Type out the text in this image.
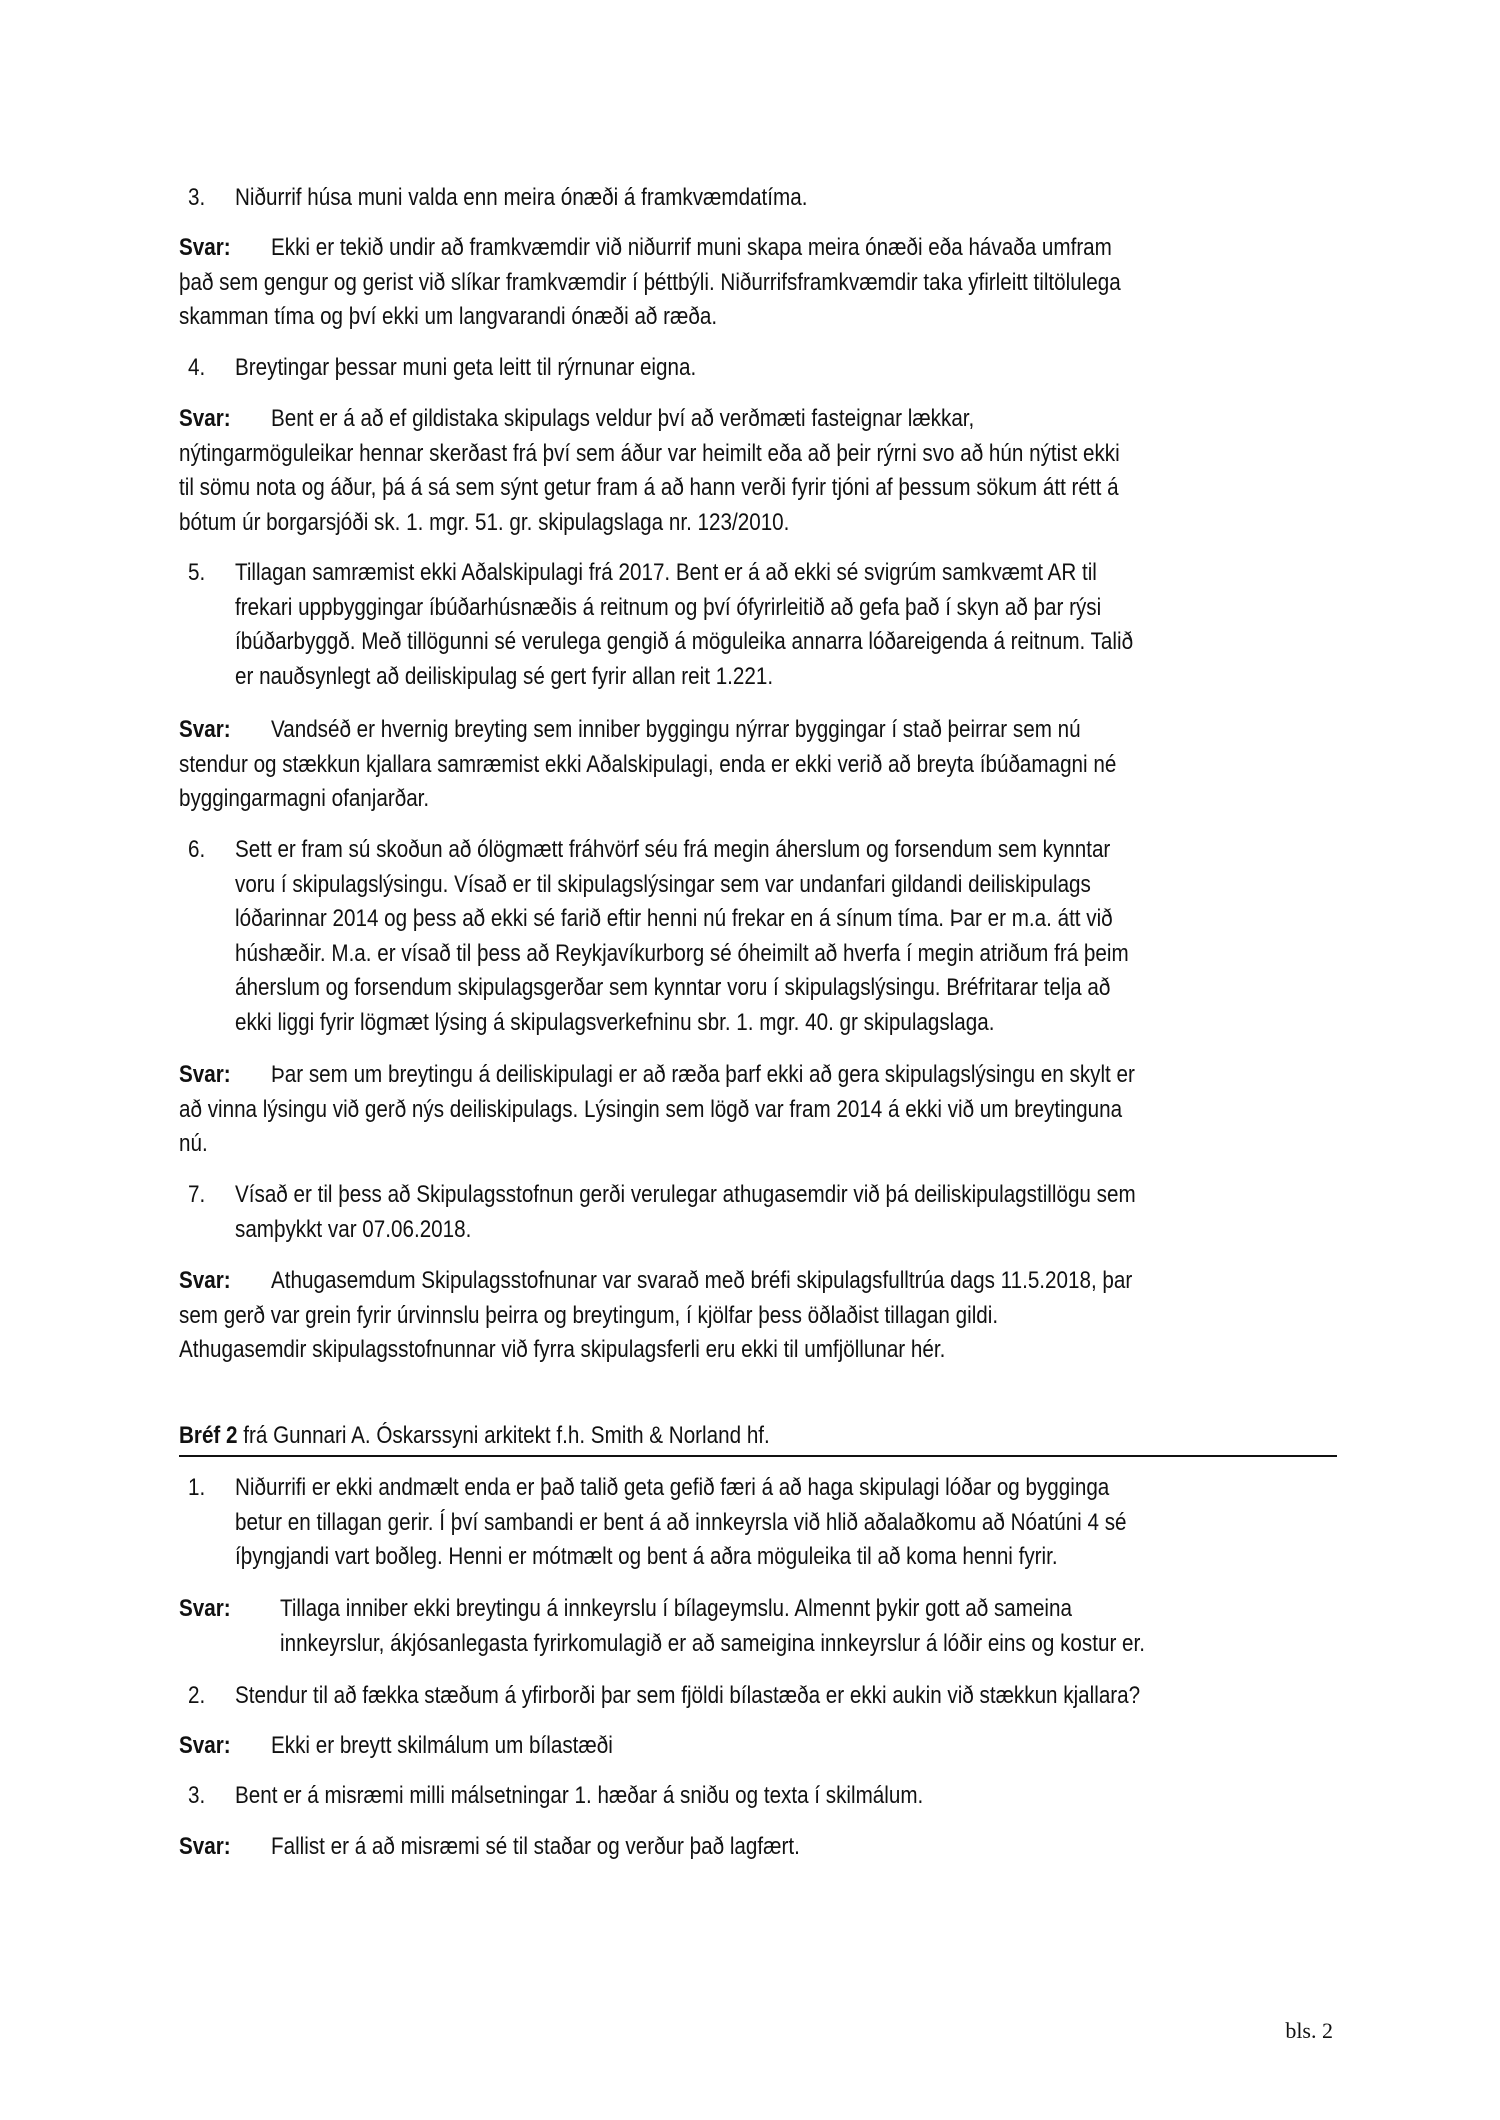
Bréf 2 frá Gunnari A. Óskarssyni arkitekt f.h. Smith & Norland hf.
bls. 2
3. Niðurrif húsa muni valda enn meira ónæði á framkvæmdatíma.
Svar: Ekki er tekið undir að framkvæmdir við niðurrif muni skapa meira ónæði eða hávaða umfram
það sem gengur og gerist við slíkar framkvæmdir í þéttbýli. Niðurrifsframkvæmdir taka yfirleitt tiltölulega
skamman tíma og því ekki um langvarandi ónæði að ræða.
4. Breytingar þessar muni geta leitt til rýrnunar eigna.
Svar: Bent er á að ef gildistaka skipulags veldur því að verðmæti fasteignar lækkar,
nýtingarmöguleikar hennar skerðast frá því sem áður var heimilt eða að þeir rýrni svo að hún nýtist ekki
til sömu nota og áður, þá á sá sem sýnt getur fram á að hann verði fyrir tjóni af þessum sökum átt rétt á
bótum úr borgarsjóði sk. 1. mgr. 51. gr. skipulagslaga nr. 123/2010.
5. Tillagan samræmist ekki Aðalskipulagi frá 2017. Bent er á að ekki sé svigrúm samkvæmt AR til
frekari uppbyggingar íbúðarhúsnæðis á reitnum og því ófyrirleitið að gefa það í skyn að þar rýsi
íbúðarbyggð. Með tillögunni sé verulega gengið á möguleika annarra lóðareigenda á reitnum. Talið
er nauðsynlegt að deiliskipulag sé gert fyrir allan reit 1.221.
Svar: Vandséð er hvernig breyting sem inniber byggingu nýrrar byggingar í stað þeirrar sem nú
stendur og stækkun kjallara samræmist ekki Aðalskipulagi, enda er ekki verið að breyta íbúðamagni né
byggingarmagni ofanjarðar.
6. Sett er fram sú skoðun að ólögmætt fráhvörf séu frá megin áherslum og forsendum sem kynntar
voru í skipulagslýsingu. Vísað er til skipulagslýsingar sem var undanfari gildandi deiliskipulags
lóðarinnar 2014 og þess að ekki sé farið eftir henni nú frekar en á sínum tíma. Þar er m.a. átt við
húshæðir. M.a. er vísað til þess að Reykjavíkurborg sé óheimilt að hverfa í megin atriðum frá þeim
áherslum og forsendum skipulagsgerðar sem kynntar voru í skipulagslýsingu. Bréfritarar telja að
ekki liggi fyrir lögmæt lýsing á skipulagsverkefninu sbr. 1. mgr. 40. gr skipulagslaga.
Svar: Þar sem um breytingu á deiliskipulagi er að ræða þarf ekki að gera skipulagslýsingu en skylt er
að vinna lýsingu við gerð nýs deiliskipulags. Lýsingin sem lögð var fram 2014 á ekki við um breytinguna
nú.
7. Vísað er til þess að Skipulagsstofnun gerði verulegar athugasemdir við þá deiliskipulagstillögu sem
samþykkt var 07.06.2018.
Svar: Athugasemdum Skipulagsstofnunar var svarað með bréfi skipulagsfulltrúa dags 11.5.2018, þar
sem gerð var grein fyrir úrvinnslu þeirra og breytingum, í kjölfar þess öðlaðist tillagan gildi.
Athugasemdir skipulagsstofnunnar við fyrra skipulagsferli eru ekki til umfjöllunar hér.
1. Niðurrifi er ekki andmælt enda er það talið geta gefið færi á að haga skipulagi lóðar og bygginga
betur en tillagan gerir. Í því sambandi er bent á að innkeyrsla við hlið aðalaðkomu að Nóatúni 4 sé
íþyngjandi vart boðleg. Henni er mótmælt og bent á aðra möguleika til að koma henni fyrir.
Svar: Tillaga inniber ekki breytingu á innkeyrslu í bílageymslu. Almennt þykir gott að sameina
innkeyrslur, ákjósanlegasta fyrirkomulagið er að sameigina innkeyrslur á lóðir eins og kostur er.
2. Stendur til að fækka stæðum á yfirborði þar sem fjöldi bílastæða er ekki aukin við stækkun kjallara?
Svar: Ekki er breytt skilmálum um bílastæði
3. Bent er á misræmi milli málsetningar 1. hæðar á sniðu og texta í skilmálum.
Svar: Fallist er á að misræmi sé til staðar og verður það lagfært.
